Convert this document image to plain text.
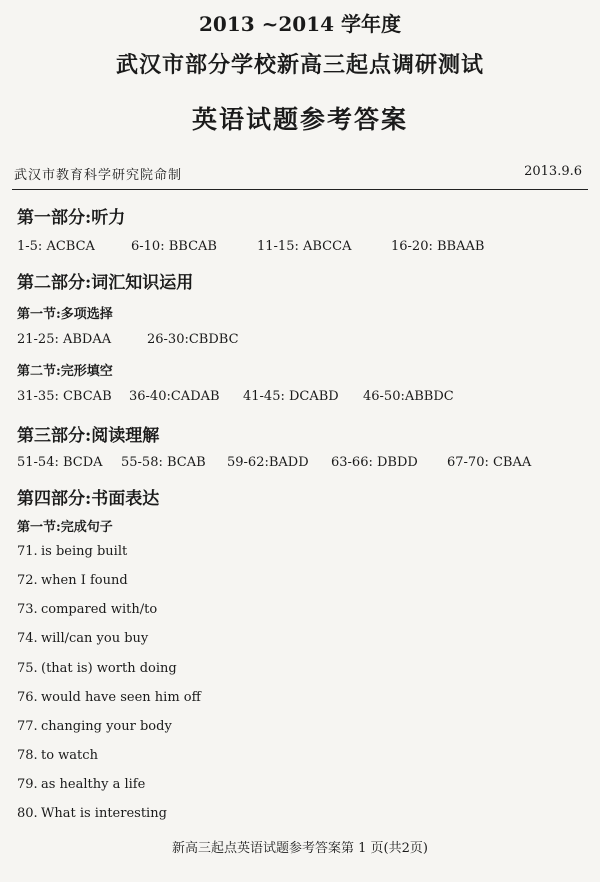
2013 ~2014 学年度
武汉市部分学校新高三起点调研测试
英语试题参考答案
武汉市教育科学研究院命制	2013.9.6
第一部分:听力
1-5: ACBCA	6-10: BBCAB	11-15: ABCCA	16-20: BBAAB
第二部分:词汇知识运用
第一节:多项选择
21-25: ABDAA	26-30:CBDBC
第二节:完形填空
31-35: CBCAB 36-40:CADAB 41-45: DCABD 46-50:ABBDC
第三部分:阅读理解
51-54: BCDA 55-58: BCAB 59-62:BADD 63-66: DBDD 67-70: CBAA
第四部分:书面表达
第一节:完成句子
71. is being built
72. when I found
73. compared with/to
74. will/can you buy
75. (that is) worth doing
76. would have seen him off
77. changing your body
78. to watch
79. as healthy a life
80. What is interesting
新高三起点英语试题参考答案第 1 页(共2页)
